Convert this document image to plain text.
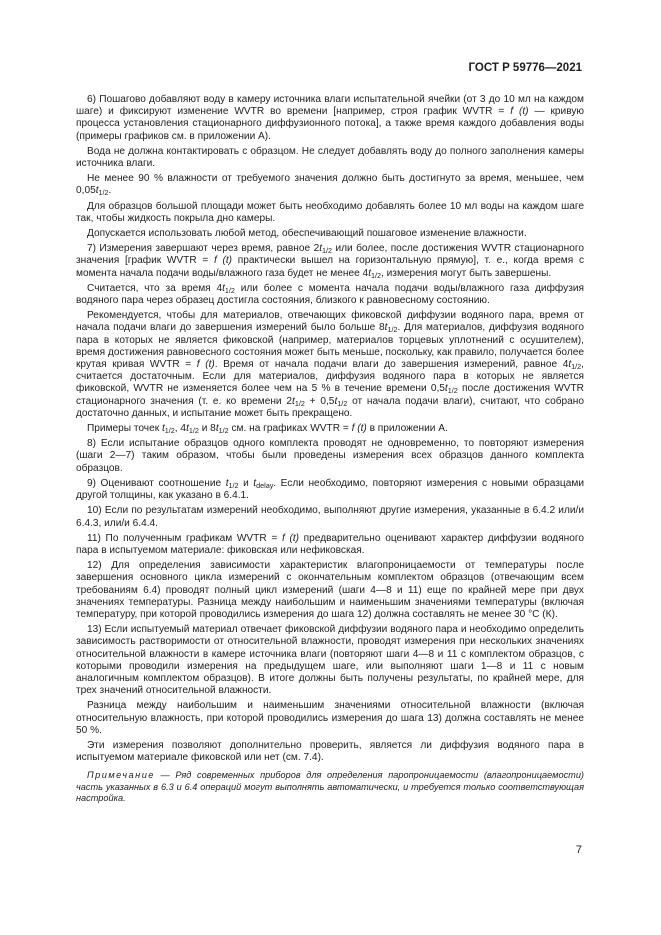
ГОСТ Р 59776—2021

6) Пошагово добавляют воду в камеру источника влаги испытательной ячейки (от 3 до 10 мл на каждом шаге) и фиксируют изменение WVTR во времени [например, строя график WVTR = f (t) — кривую процесса установления стационарного диффузионного потока], а также время каждого добавления воды (примеры графиков см. в приложении А).

Вода не должна контактировать с образцом. Не следует добавлять воду до полного заполнения камеры источника влаги.

Не менее 90 % влажности от требуемого значения должно быть достигнуто за время, меньшее, чем $0,05t_{1/2}$.

Для образцов большой площади может быть необходимо добавлять более 10 мл воды на каждом шаге так, чтобы жидкость покрыла дно камеры.

Допускается использовать любой метод, обеспечивающий пошаговое изменение влажности.

7) Измерения завершают через время, равное $2t_{1/2}$ или более, после достижения WVTR стационарного значения [график WVTR = f (t) практически вышел на горизонтальную прямую], т. е., когда время с момента начала подачи воды/влажного газа будет не менее $4t_{1/2}$, измерения могут быть завершены.

Считается, что за время $4t_{1/2}$ или более с момента начала подачи воды/влажного газа диффузия водяного пара через образец достигла состояния, близкого к равновесному состоянию.

Рекомендуется, чтобы для материалов, отвечающих фиковской диффузии водяного пара, время от начала подачи влаги до завершения измерений было больше $8t_{1/2}$. Для материалов, диффузия водяного пара в которых не является фиковской (например, материалов торцевых уплотнений с осушителем), время достижения равновесного состояния может быть меньше, поскольку, как правило, получается более крутая кривая WVTR = f (t). Время от начала подачи влаги до завершения измерений, равное $4t_{1/2}$, считается достаточным. Если для материалов, диффузия водяного пара в которых не является фиковской, WVTR не изменяется более чем на 5 % в течение времени $0,5t_{1/2}$ после достижения WVTR стационарного значения (т. е. ко времени $2t_{1/2} + 0,5t_{1/2}$ от начала подачи влаги), считают, что собрано достаточно данных, и испытание может быть прекращено.

Примеры точек $t_{1/2}$, $4t_{1/2}$ и $8t_{1/2}$ см. на графиках WVTR = f (t) в приложении А.

8) Если испытание образцов одного комплекта проводят не одновременно, то повторяют измерения (шаги 2—7) таким образом, чтобы были проведены измерения всех образцов данного комплекта образцов.

9) Оценивают соотношение $t_{1/2}$ и $t_{delay}$. Если необходимо, повторяют измерения с новыми образцами другой толщины, как указано в 6.4.1.

10) Если по результатам измерений необходимо, выполняют другие измерения, указанные в 6.4.2 или/и 6.4.3, или/и 6.4.4.

11) По полученным графикам WVTR = f (t) предварительно оценивают характер диффузии водяного пара в испытуемом материале: фиковская или нефиковская.

12) Для определения зависимости характеристик влагопроницаемости от температуры после завершения основного цикла измерений с окончательным комплектом образцов (отвечающим всем требованиям 6.4) проводят полный цикл измерений (шаги 4—8 и 11) еще по крайней мере при двух значениях температуры. Разница между наибольшим и наименьшим значениями температуры (включая температуру, при которой проводились измерения до шага 12) должна составлять не менее 30 °С (К).

13) Если испытуемый материал отвечает фиковской диффузии водяного пара и необходимо определить зависимость растворимости от относительной влажности, проводят измерения при нескольких значениях относительной влажности в камере источника влаги (повторяют шаги 4—8 и 11 с комплектом образцов, с которыми проводили измерения на предыдущем шаге, или выполняют шаги 1—8 и 11 с новым аналогичным комплектом образцов). В итоге должны быть получены результаты, по крайней мере, для трех значений относительной влажности.

Разница между наибольшим и наименьшим значениями относительной влажности (включая относительную влажность, при которой проводились измерения до шага 13) должна составлять не менее 50 %.

Эти измерения позволяют дополнительно проверить, является ли диффузия водяного пара в испытуемом материале фиковской или нет (см. 7.4).

Примечание — Ряд современных приборов для определения паропроницаемости (влагопроницаемости) часть указанных в 6.3 и 6.4 операций могут выполнять автоматически, и требуется только соответствующая настройка.

7
